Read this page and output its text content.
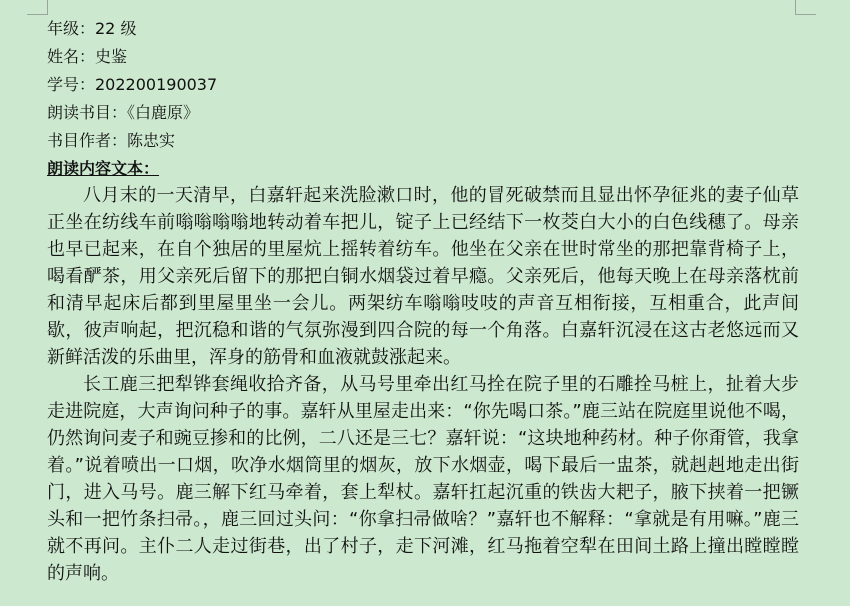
年级：22 级
姓名：史鉴
学号：202200190037
朗读书目：《白鹿原》
书目作者：陈忠实
朗读内容文本：

八月末的一天清早，白嘉轩起来洗脸漱口时，他的冒死破禁而且显出怀孕征兆的妻子仙草正坐在纺线车前嗡嗡嗡嗡地转动着车把儿，锭子上已经结下一枚茭白大小的白色线穗了。母亲也早已起来，在自个独居的里屋炕上摇转着纺车。他坐在父亲在世时常坐的那把靠背椅子上，喝看酽茶，用父亲死后留下的那把白铜水烟袋过着早瘾。父亲死后，他每天晚上在母亲落枕前和清早起床后都到里屋里坐一会儿。两架纺车嗡嗡吱吱的声音互相衔接，互相重合，此声间歇，彼声响起，把沉稳和谐的气氛弥漫到四合院的每一个角落。白嘉轩沉浸在这古老悠远而又新鲜活泼的乐曲里，浑身的筋骨和血液就鼓涨起来。

长工鹿三把犁铧套绳收拾齐备，从马号里牵出红马拴在院子里的石雕拴马桩上，扯着大步走进院庭，大声询问种子的事。嘉轩从里屋走出来：“你先喝口茶。”鹿三站在院庭里说他不喝，仍然询问麦子和豌豆掺和的比例，二八还是三七？嘉轩说：“这块地种药材。种子你甭管，我拿着。”说着喷出一口烟，吹净水烟筒里的烟灰，放下水烟壶，喝下最后一盅茶，就赳赳地走出街门，进入马号。鹿三解下红马牵着，套上犁杖。嘉轩扛起沉重的铁齿大耙子，腋下挟着一把镢头和一把竹条扫帚。，鹿三回过头问：“你拿扫帚做啥？”嘉轩也不解释：“拿就是有用嘛。”鹿三就不再问。主仆二人走过街巷，出了村子，走下河滩，红马拖着空犁在田间土路上撞出瞠瞠瞠的声响。
